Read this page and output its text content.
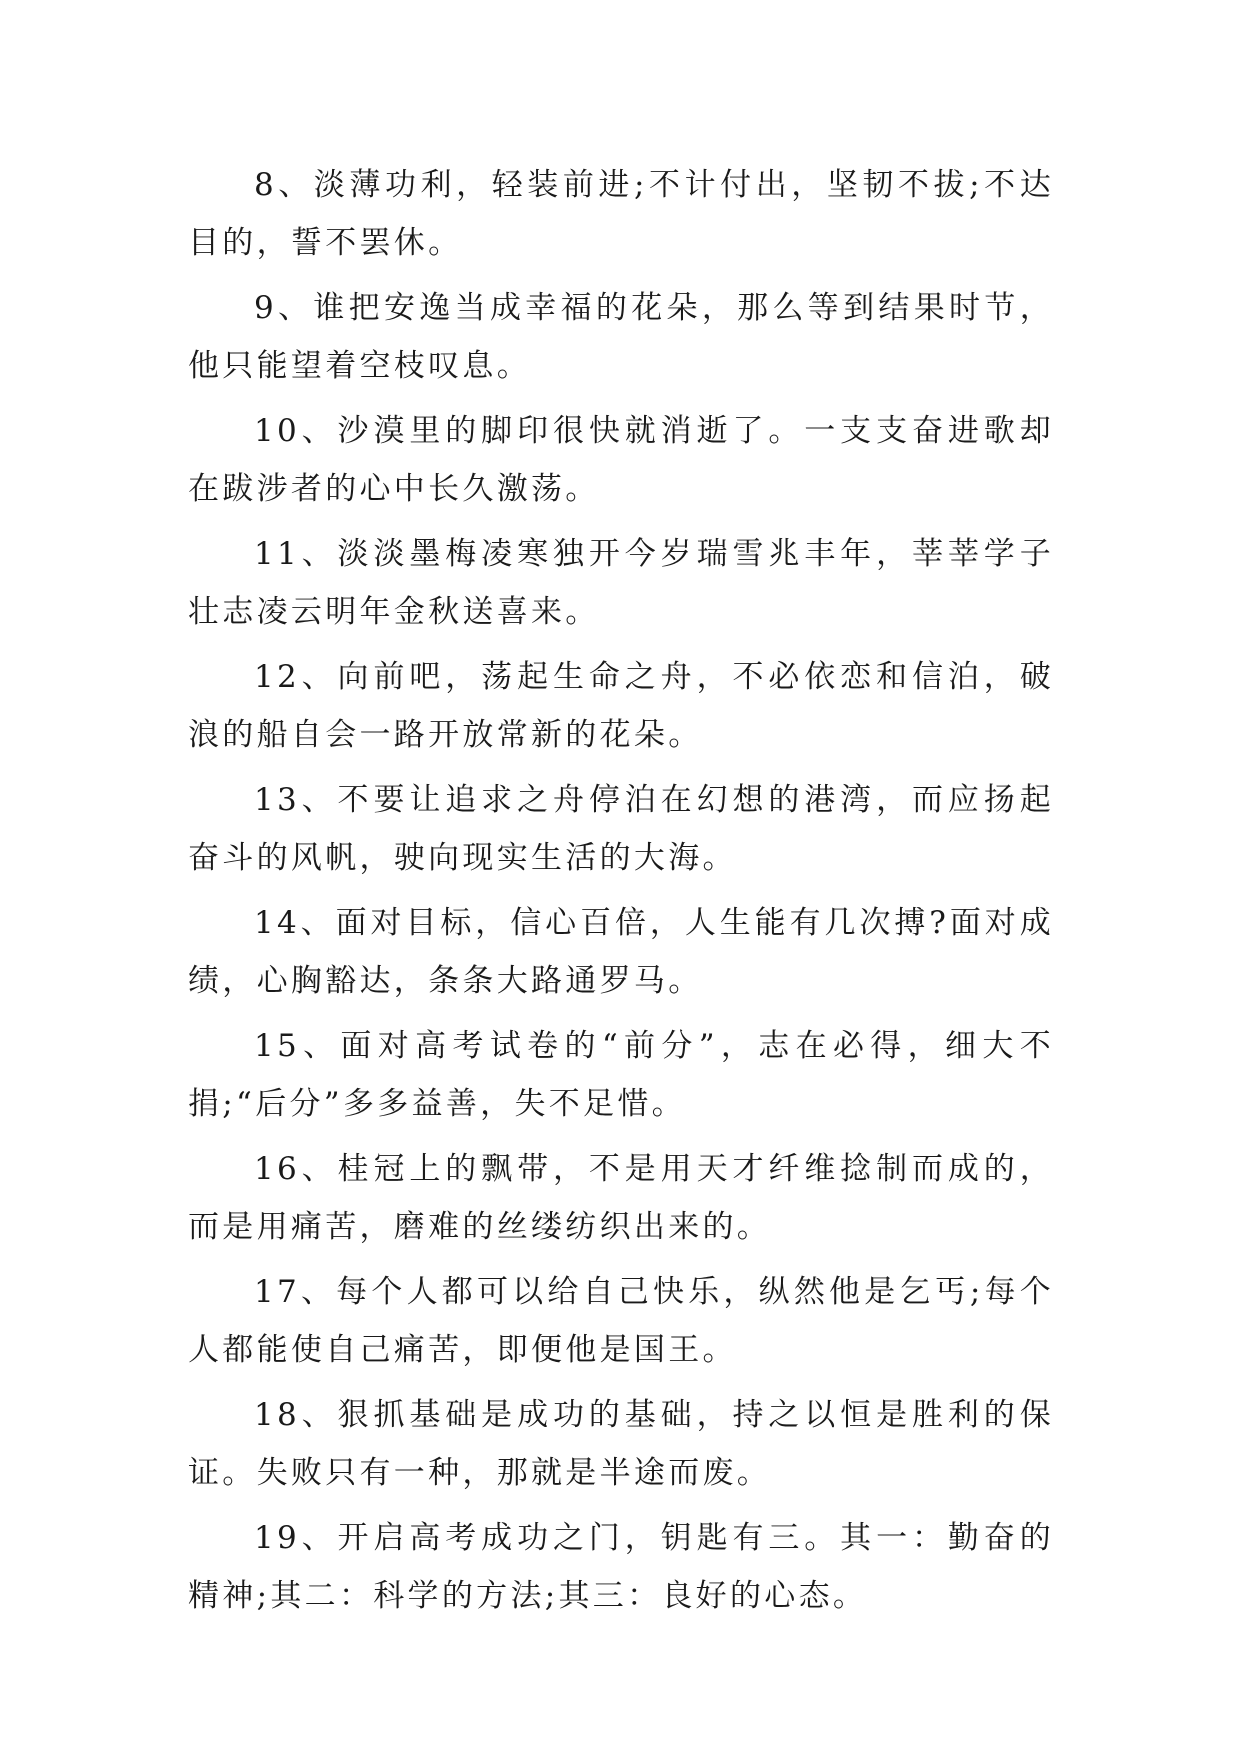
8、淡薄功利，轻装前进;不计付出，坚韧不拔;不达目的，誓不罢休。

9、谁把安逸当成幸福的花朵，那么等到结果时节，他只能望着空枝叹息。

10、沙漠里的脚印很快就消逝了。一支支奋进歌却在跋涉者的心中长久激荡。

11、淡淡墨梅凌寒独开今岁瑞雪兆丰年，莘莘学子壮志凌云明年金秋送喜来。

12、向前吧，荡起生命之舟，不必依恋和信泊，破浪的船自会一路开放常新的花朵。

13、不要让追求之舟停泊在幻想的港湾，而应扬起奋斗的风帆，驶向现实生活的大海。

14、面对目标，信心百倍，人生能有几次搏?面对成绩，心胸豁达，条条大路通罗马。

15、面对高考试卷的“前分”，志在必得，细大不捐;“后分”多多益善，失不足惜。

16、桂冠上的飘带，不是用天才纤维捻制而成的，而是用痛苦，磨难的丝缕纺织出来的。

17、每个人都可以给自己快乐，纵然他是乞丐;每个人都能使自己痛苦，即便他是国王。

18、狠抓基础是成功的基础，持之以恒是胜利的保证。失败只有一种，那就是半途而废。

19、开启高考成功之门，钥匙有三。其一：勤奋的精神;其二：科学的方法;其三：良好的心态。
